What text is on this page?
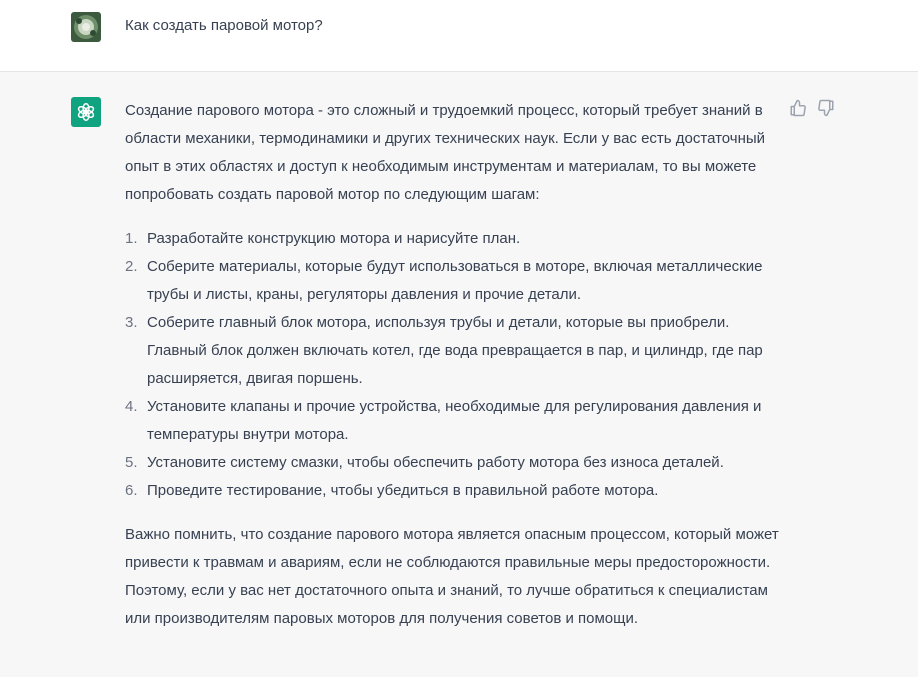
Как создать паровой мотор?

Создание парового мотора - это сложный и трудоемкий процесс, который требует знаний в области механики, термодинамики и других технических наук. Если у вас есть достаточный опыт в этих областях и доступ к необходимым инструментам и материалам, то вы можете попробовать создать паровой мотор по следующим шагам:

1. Разработайте конструкцию мотора и нарисуйте план.
2. Соберите материалы, которые будут использоваться в моторе, включая металлические трубы и листы, краны, регуляторы давления и прочие детали.
3. Соберите главный блок мотора, используя трубы и детали, которые вы приобрели. Главный блок должен включать котел, где вода превращается в пар, и цилиндр, где пар расширяется, двигая поршень.
4. Установите клапаны и прочие устройства, необходимые для регулирования давления и температуры внутри мотора.
5. Установите систему смазки, чтобы обеспечить работу мотора без износа деталей.
6. Проведите тестирование, чтобы убедиться в правильной работе мотора.

Важно помнить, что создание парового мотора является опасным процессом, который может привести к травмам и авариям, если не соблюдаются правильные меры предосторожности. Поэтому, если у вас нет достаточного опыта и знаний, то лучше обратиться к специалистам или производителям паровых моторов для получения советов и помощи.
